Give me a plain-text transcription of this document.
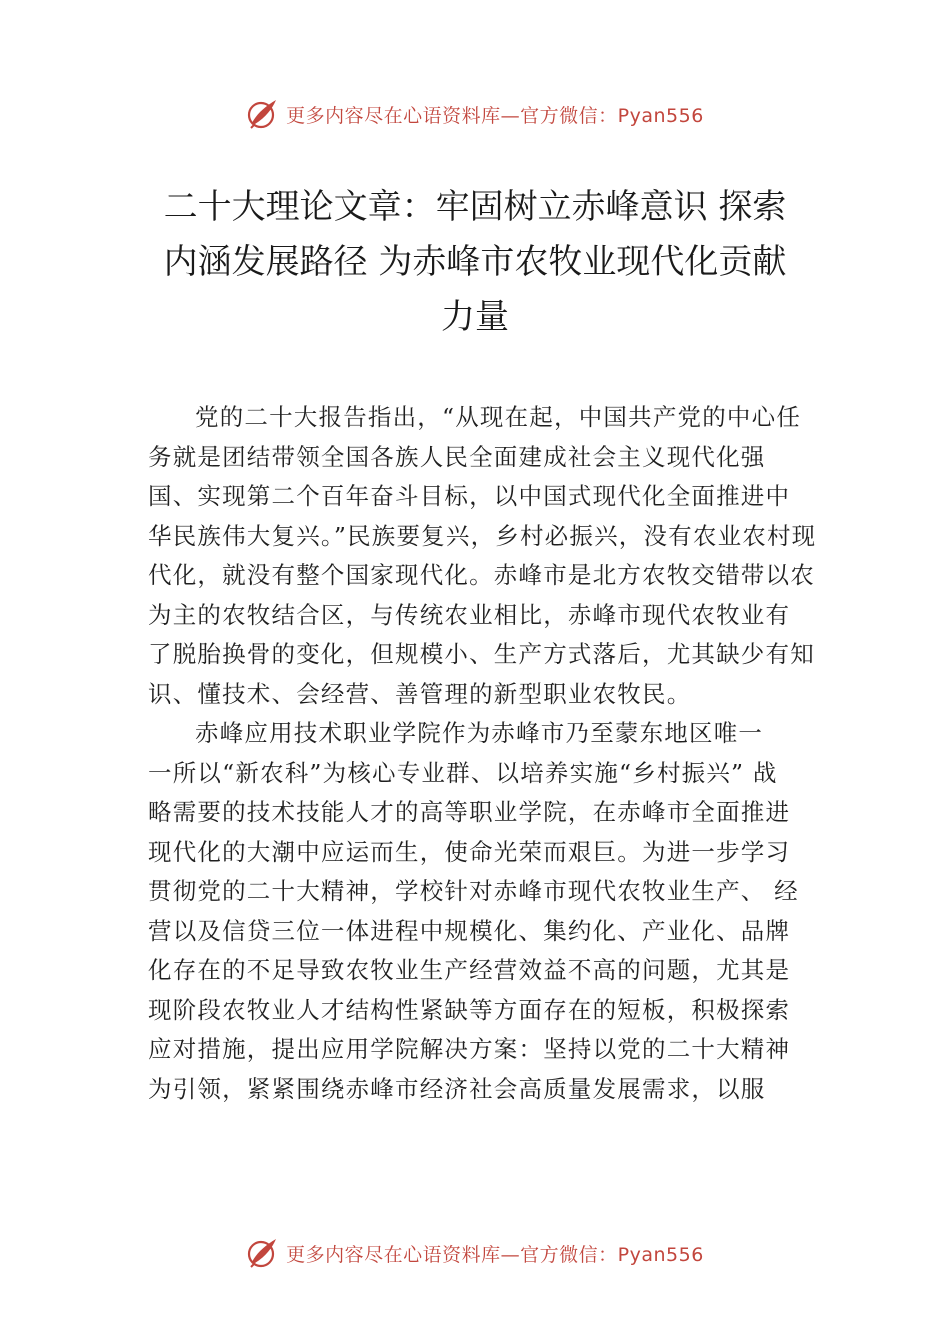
更多内容尽在心语资料库—官方微信：Pyan556
二十大理论文章：牢固树立赤峰意识 探索
内涵发展路径 为赤峰市农牧业现代化贡献
力量
党的二十大报告指出，“从现在起，中国共产党的中心任
务就是团结带领全国各族人民全面建成社会主义现代化强
国、实现第二个百年奋斗目标，以中国式现代化全面推进中
华民族伟大复兴。”民族要复兴，乡村必振兴，没有农业农村现
代化，就没有整个国家现代化。赤峰市是北方农牧交错带以农
为主的农牧结合区，与传统农业相比，赤峰市现代农牧业有
了脱胎换骨的变化，但规模小、生产方式落后，尤其缺少有知
识、懂技术、会经营、善管理的新型职业农牧民。
赤峰应用技术职业学院作为赤峰市乃至蒙东地区唯一
一所以“新农科”为核心专业群、以培养实施“乡村振兴” 战
略需要的技术技能人才的高等职业学院，在赤峰市全面推进
现代化的大潮中应运而生，使命光荣而艰巨。为进一步学习
贯彻党的二十大精神，学校针对赤峰市现代农牧业生产、 经
营以及信贷三位一体进程中规模化、集约化、产业化、品牌
化存在的不足导致农牧业生产经营效益不高的问题，尤其是
现阶段农牧业人才结构性紧缺等方面存在的短板，积极探索
应对措施，提出应用学院解决方案：坚持以党的二十大精神
为引领，紧紧围绕赤峰市经济社会高质量发展需求，以服
更多内容尽在心语资料库—官方微信：Pyan556
